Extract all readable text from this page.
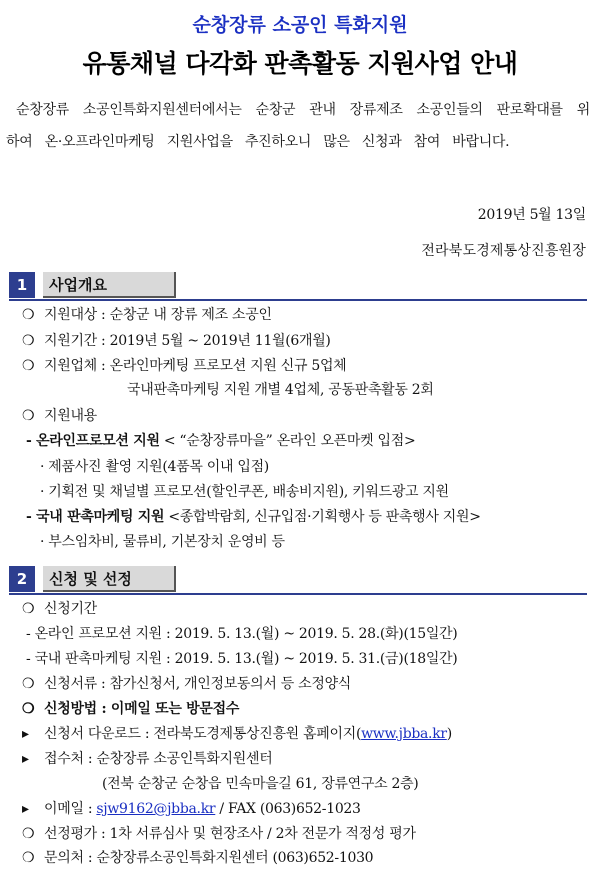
순창장류 소공인 특화지원
유통채널 다각화 판촉활동 지원사업 안내
순창장류 소공인특화지원센터에서는 순창군 관내 장류제조 소공인들의 판로확대를 위하여 온·오프라인마케팅 지원사업을 추진하오니 많은 신청과 참여 바랍니다.
2019년 5월 13일
전라북도경제통상진흥원장
1	사업개요
❍ 지원대상 : 순창군 내 장류 제조 소공인
❍ 지원기간 : 2019년 5월 ~ 2019년 11월(6개월)
❍ 지원업체 : 온라인마케팅 프로모션 지원 신규 5업체
국내판촉마케팅 지원 개별 4업체, 공동판촉활동 2회
❍ 지원내용
- 온라인프로모션 지원 < “순창장류마을” 온라인 오픈마켓 입점>
· 제품사진 촬영 지원(4품목 이내 입점)
· 기획전 및 채널별 프로모션(할인쿠폰, 배송비지원), 키워드광고 지원
- 국내 판촉마케팅 지원 <종합박람회, 신규입점·기획행사 등 판촉행사 지원>
· 부스임차비, 물류비, 기본장치 운영비 등
2	신청 및 선정
❍ 신청기간
- 온라인 프로모션 지원 : 2019. 5. 13.(월) ~ 2019. 5. 28.(화)(15일간)
- 국내 판촉마케팅 지원 : 2019. 5. 13.(월) ~ 2019. 5. 31.(금)(18일간)
❍ 신청서류 : 참가신청서, 개인정보동의서 등 소정양식
❍ 신청방법 : 이메일 또는 방문접수
▸ 신청서 다운로드 : 전라북도경제통상진흥원 홈페이지(www.jbba.kr)
▸ 접수처 : 순창장류 소공인특화지원센터
(전북 순창군 순창읍 민속마을길 61, 장류연구소 2층)
▸ 이메일 : sjw9162@jbba.kr / FAX (063)652-1023
❍ 선정평가 : 1차 서류심사 및 현장조사 / 2차 전문가 적정성 평가
❍ 문의처 : 순창장류소공인특화지원센터 (063)652-1030
